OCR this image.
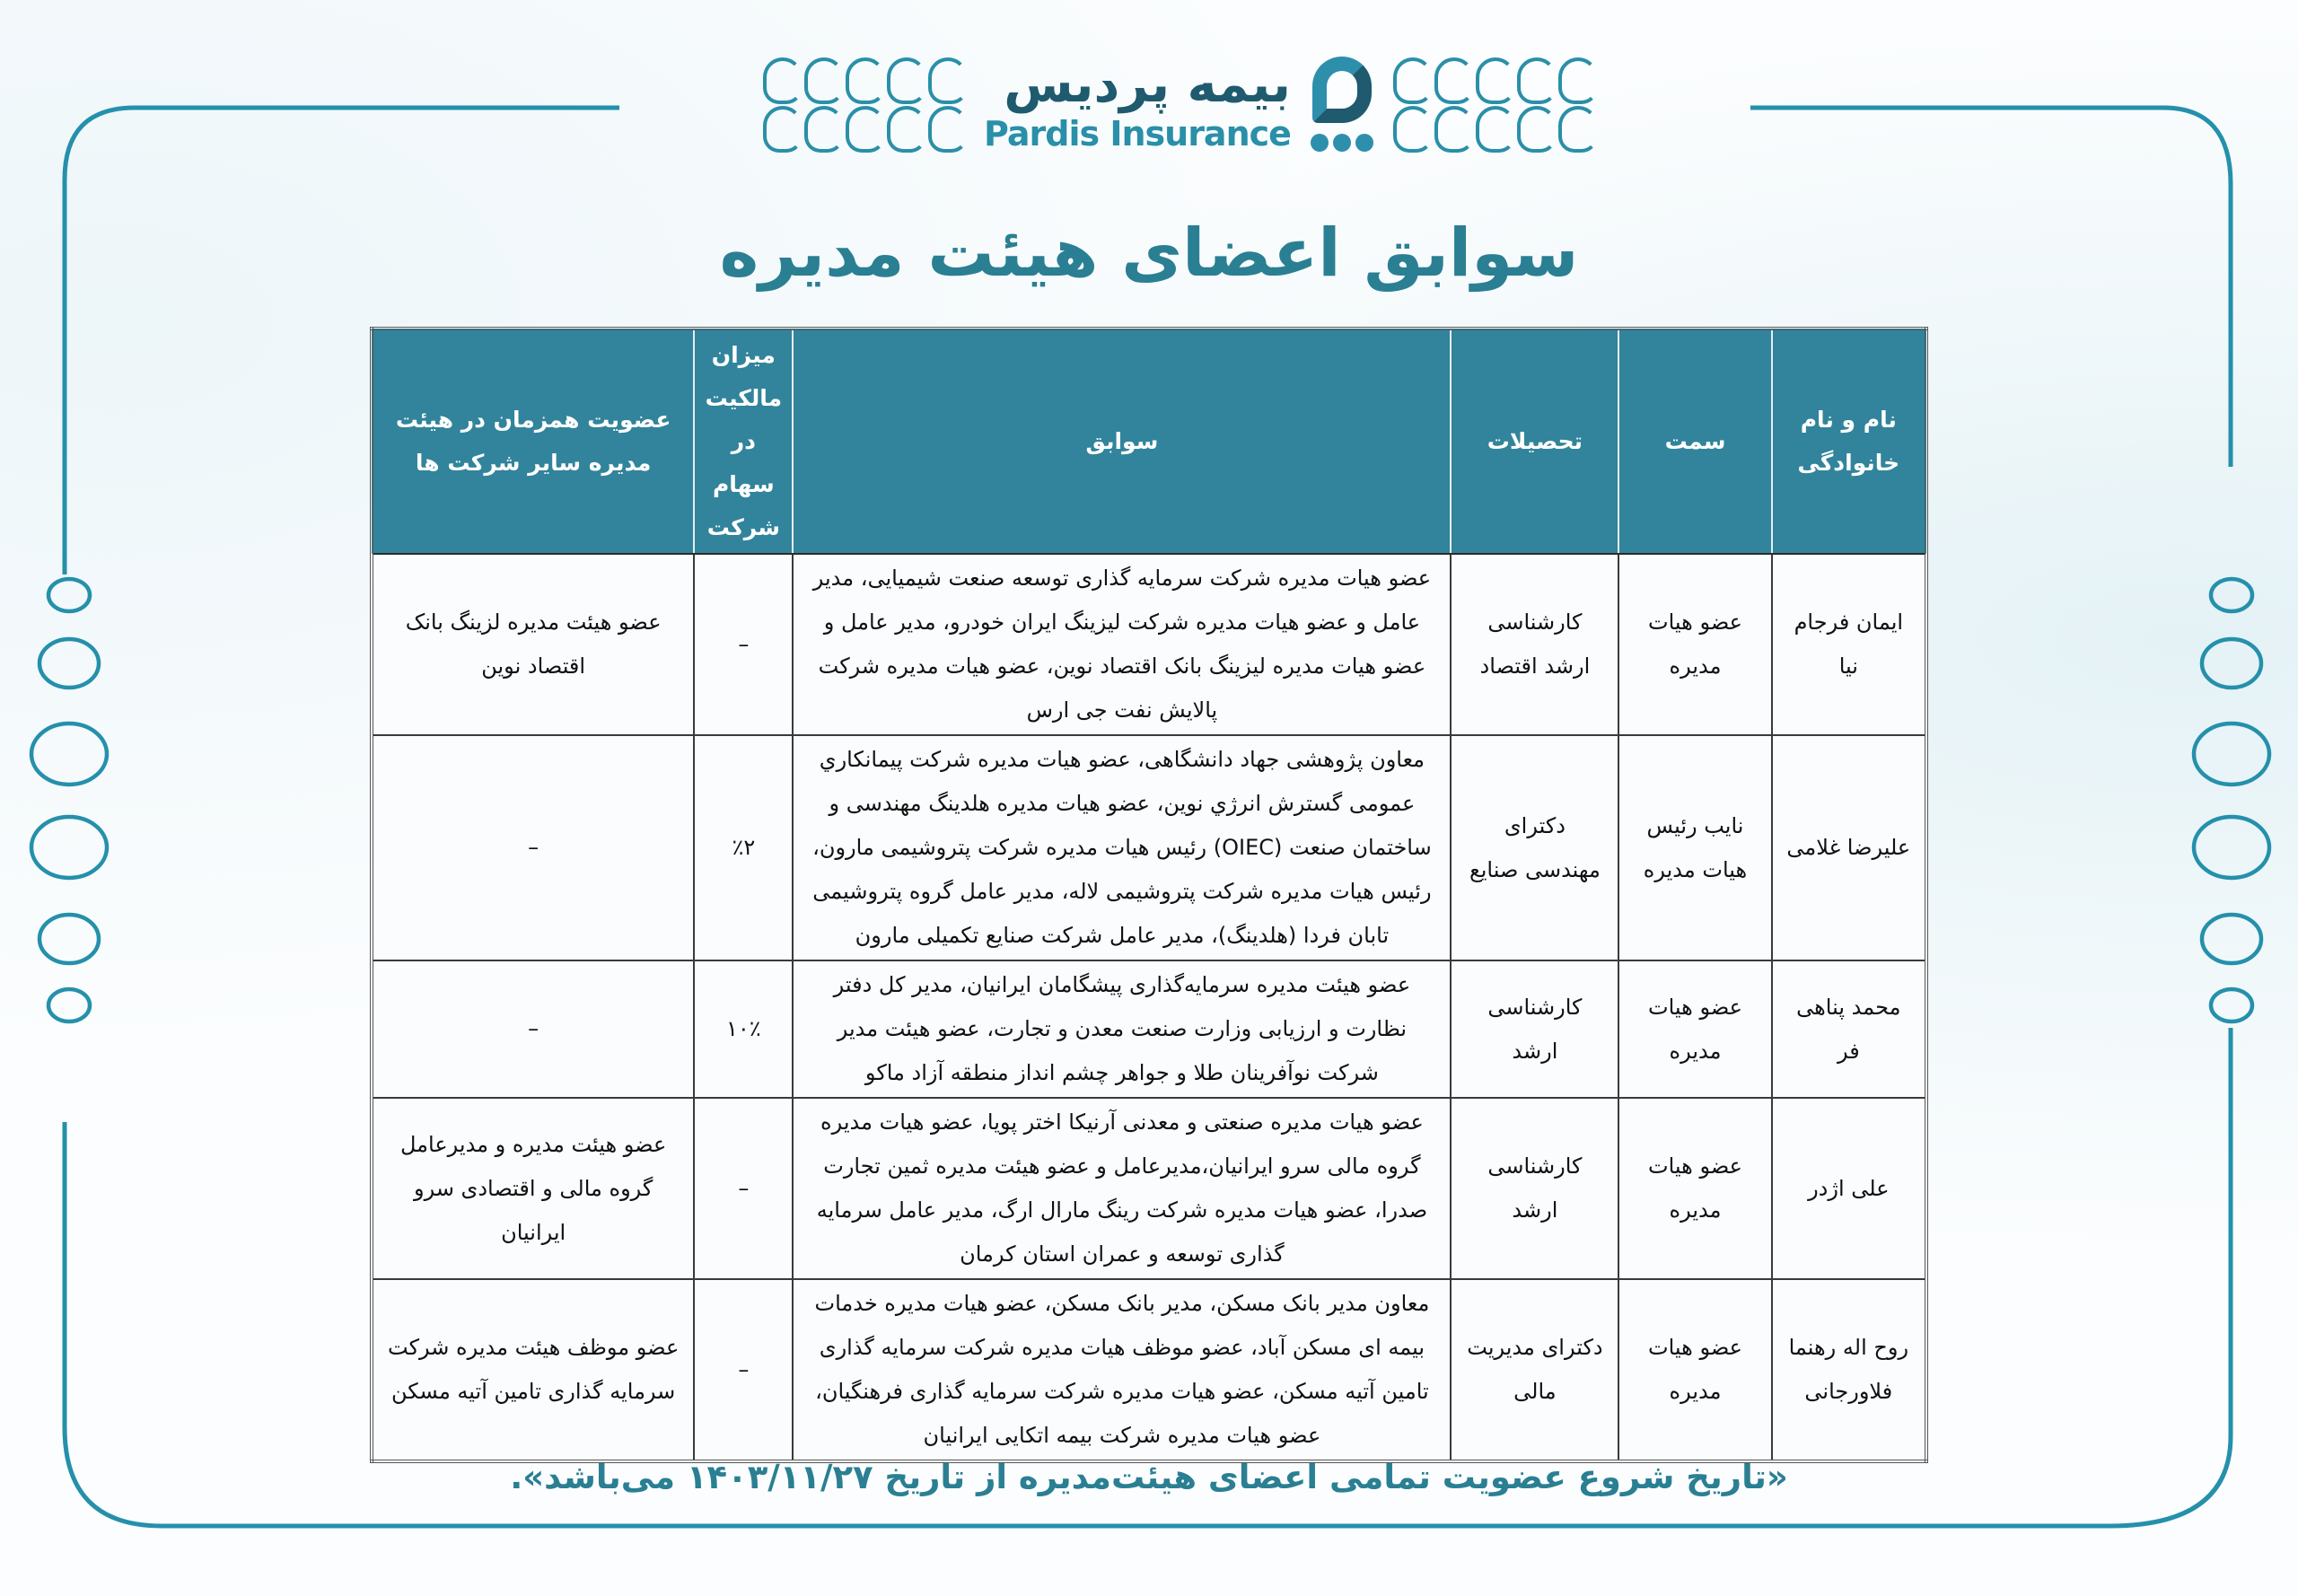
بیمه پردیس
Pardis Insurance
سوابق اعضای هیئت مدیره
نام و نام خانوادگی	سمت	تحصیلات	سوابق	میزان مالکیت در سهام شرکت	عضویت همزمان در هیئت مدیره سایر شرکت ها
ایمان فرجام نیا	عضو هیات مدیره	کارشناسی ارشد اقتصاد	عضو هیات مدیره شرکت سرمایه گذاری توسعه صنعت شیمیایی، مدیر عامل و عضو هیات مدیره شرکت لیزینگ ایران خودرو، مدیر عامل و عضو هیات مدیره لیزینگ بانک اقتصاد نوین، عضو هیات مدیره شرکت پالایش نفت جی ارس	–	عضو هیئت مدیره لزینگ بانک اقتصاد نوین
علیرضا غلامی	نایب رئیس هیات مدیره	دکترای مهندسی صنایع	معاون پژوهشی جهاد دانشگاهی، عضو هیات مدیره شرکت پیمانكاري عمومی گسترش انرژي نوین، عضو هیات مدیره هلدینگ مهندسی و ساختمان صنعت (OIEC) رئیس هیات مدیره شرکت پتروشیمی مارون، رئیس هیات مدیره شرکت پتروشیمی لاله، مدیر عامل گروه پتروشیمی تابان فردا (هلدینگ)، مدیر عامل شرکت صنایع تکمیلی مارون	٪۲	–
محمد پناهی فر	عضو هیات مدیره	کارشناسی ارشد	عضو هیئت مدیره سرمایه‌گذاری پیشگامان ایرانیان، مدیر کل دفتر نظارت و ارزیابی وزارت صنعت معدن و تجارت، عضو هیئت مدیر شرکت نوآفرینان طلا و جواهر چشم انداز منطقه آزاد ماکو	۱۰٪	–
علی اژدر	عضو هیات مدیره	کارشناسی ارشد	عضو هیات مدیره صنعتی و معدنی آرنیکا اختر پویا، عضو هیات مدیره گروه مالی سرو ایرانیان،مدیرعامل و عضو هیئت مدیره ثمین تجارت صدرا، عضو هیات مدیره شرکت رینگ مارال ارگ، مدیر عامل سرمایه گذاری توسعه و عمران استان کرمان	–	عضو هیئت مدیره و مدیرعامل گروه مالی و اقتصادی سرو ایرانیان
روح اله رهنما فلاورجانی	عضو هیات مدیره	دکترای مدیریت مالی	معاون مدیر بانک مسکن، مدیر بانک مسکن، عضو هیات مدیره خدمات بیمه ای مسکن آباد، عضو موظف هیات مدیره شرکت سرمایه گذاری تامین آتیه مسکن، عضو هیات مدیره شرکت سرمایه گذاری فرهنگیان، عضو هیات مدیره شرکت بیمه اتکایی ایرانیان	–	عضو موظف هیئت مدیره شرکت سرمایه گذاری تامین آتیه مسکن
«تاریخ شروع عضویت تمامی اعضای هیئت‌مدیره از تاریخ ۱۴۰۳/۱۱/۲۷ می‌باشد».
